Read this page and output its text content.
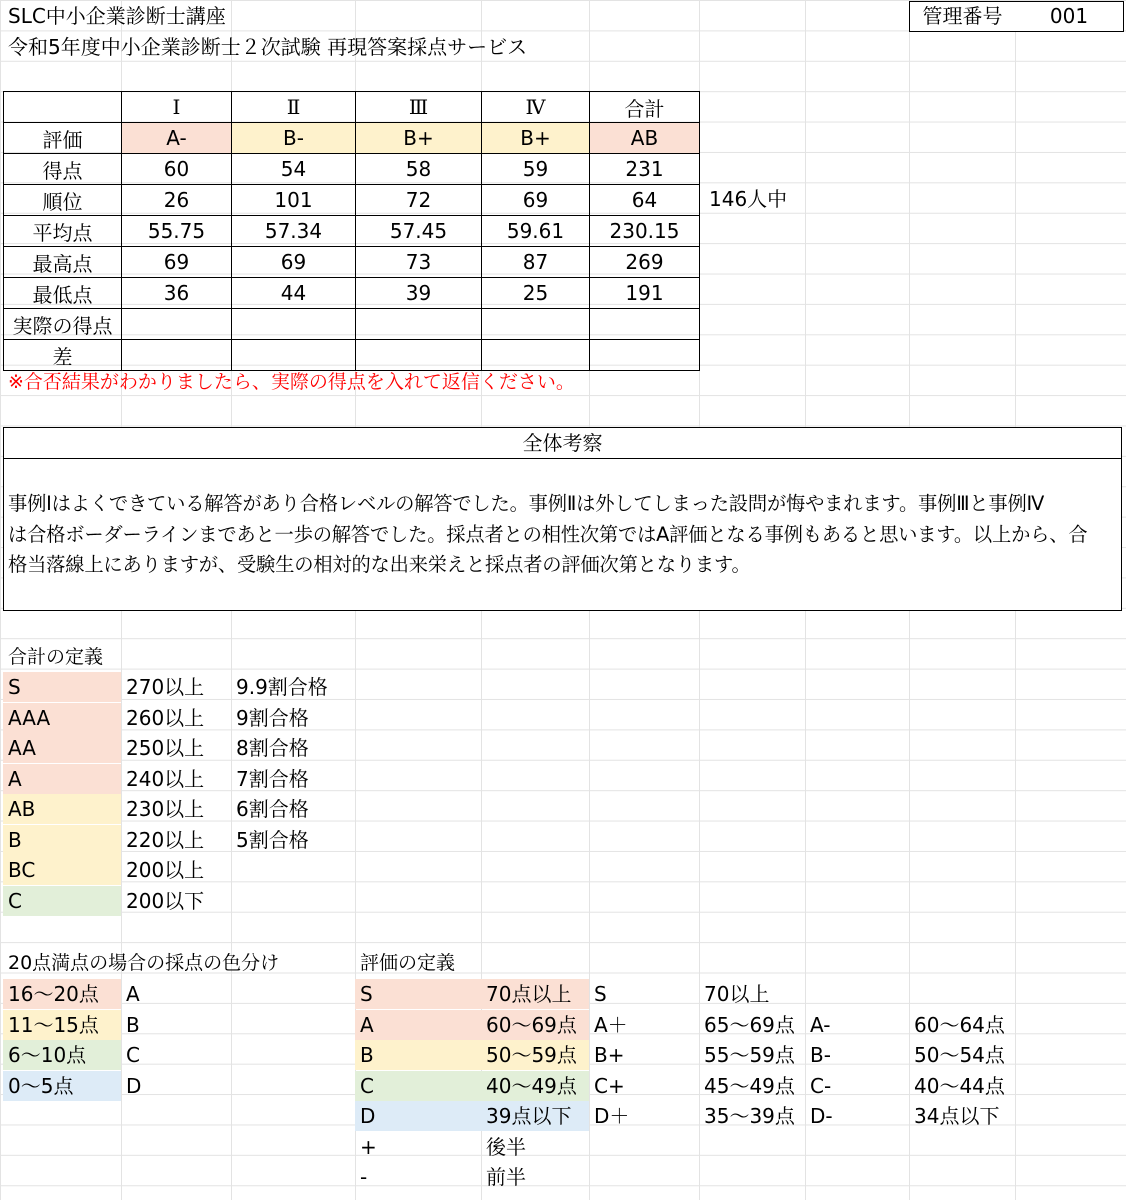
SLC中小企業診断士講座
令和5年度中小企業診断士２次試験 再現答案採点サービス
管理番号	001
	Ⅰ	Ⅱ	Ⅲ	Ⅳ	合計
評価	A-	B-	B+	B+	AB
得点	60	54	58	59	231
順位	26	101	72	69	64
平均点	55.75	57.34	57.45	59.61	230.15
最高点	69	69	73	87	269
最低点	36	44	39	25	191
実際の得点					
差					
146人中
※合否結果がわかりましたら、実際の得点を入れて返信ください。
全体考察
事例Ⅰはよくできている解答があり合格レベルの解答でした。事例Ⅱは外してしまった設問が悔やまれます。事例Ⅲと事例Ⅳ
は合格ボーダーラインまであと一歩の解答でした。採点者との相性次第ではA評価となる事例もあると思います。以上から、合
格当落線上にありますが、受験生の相対的な出来栄えと採点者の評価次第となります。
合計の定義
S	270以上 9.9割合格
AAA	260以上 9割合格
AA	250以上 8割合格
A	240以上 7割合格
AB	230以上 6割合格
B	220以上 5割合格
BC	200以上
C	200以下
20点満点の場合の採点の色分け
16～20点	A
11～15点	B
6～10点	C
0～5点	D
評価の定義
S	70点以上	S	70以上
A	60～69点 A＋	65～69点 A-	60～64点
B	50～59点 B+	55～59点 B-	50～54点
C	40～49点 C+	45～49点 C-	40～44点
D	39点以下	D＋	35～39点 D-	34点以下
+	後半
-	前半
